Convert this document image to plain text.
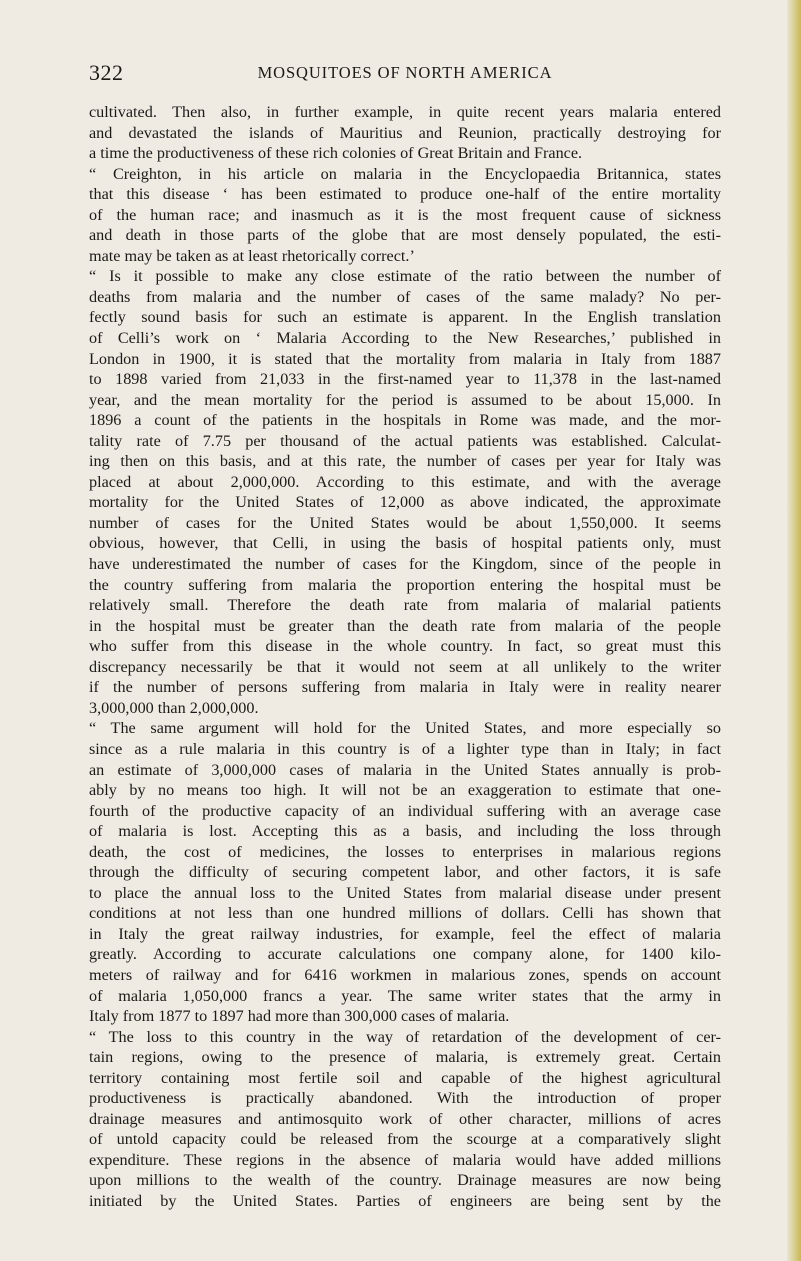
322	MOSQUITOES OF NORTH AMERICA
cultivated. Then also, in further example, in quite recent years malaria entered
and devastated the islands of Mauritius and Reunion, practically destroying for
a time the productiveness of these rich colonies of Great Britain and France.
“ Creighton, in his article on malaria in the Encyclopaedia Britannica, states
that this disease ‘ has been estimated to produce one-half of the entire mortality
of the human race; and inasmuch as it is the most frequent cause of sickness
and death in those parts of the globe that are most densely populated, the esti-
mate may be taken as at least rhetorically correct.’
“ Is it possible to make any close estimate of the ratio between the number of
deaths from malaria and the number of cases of the same malady? No per-
fectly sound basis for such an estimate is apparent. In the English translation
of Celli’s work on ‘ Malaria According to the New Researches,’ published in
London in 1900, it is stated that the mortality from malaria in Italy from 1887
to 1898 varied from 21,033 in the first-named year to 11,378 in the last-named
year, and the mean mortality for the period is assumed to be about 15,000. In
1896 a count of the patients in the hospitals in Rome was made, and the mor-
tality rate of 7.75 per thousand of the actual patients was established. Calculat-
ing then on this basis, and at this rate, the number of cases per year for Italy was
placed at about 2,000,000. According to this estimate, and with the average
mortality for the United States of 12,000 as above indicated, the approximate
number of cases for the United States would be about 1,550,000. It seems
obvious, however, that Celli, in using the basis of hospital patients only, must
have underestimated the number of cases for the Kingdom, since of the people in
the country suffering from malaria the proportion entering the hospital must be
relatively small. Therefore the death rate from malaria of malarial patients
in the hospital must be greater than the death rate from malaria of the people
who suffer from this disease in the whole country. In fact, so great must this
discrepancy necessarily be that it would not seem at all unlikely to the writer
if the number of persons suffering from malaria in Italy were in reality nearer
3,000,000 than 2,000,000.
“ The same argument will hold for the United States, and more especially so
since as a rule malaria in this country is of a lighter type than in Italy; in fact
an estimate of 3,000,000 cases of malaria in the United States annually is prob-
ably by no means too high. It will not be an exaggeration to estimate that one-
fourth of the productive capacity of an individual suffering with an average case
of malaria is lost. Accepting this as a basis, and including the loss through
death, the cost of medicines, the losses to enterprises in malarious regions
through the difficulty of securing competent labor, and other factors, it is safe
to place the annual loss to the United States from malarial disease under present
conditions at not less than one hundred millions of dollars. Celli has shown that
in Italy the great railway industries, for example, feel the effect of malaria
greatly. According to accurate calculations one company alone, for 1400 kilo-
meters of railway and for 6416 workmen in malarious zones, spends on account
of malaria 1,050,000 francs a year. The same writer states that the army in
Italy from 1877 to 1897 had more than 300,000 cases of malaria.
“ The loss to this country in the way of retardation of the development of cer-
tain regions, owing to the presence of malaria, is extremely great. Certain
territory containing most fertile soil and capable of the highest agricultural
productiveness is practically abandoned. With the introduction of proper
drainage measures and antimosquito work of other character, millions of acres
of untold capacity could be released from the scourge at a comparatively slight
expenditure. These regions in the absence of malaria would have added millions
upon millions to the wealth of the country. Drainage measures are now being
initiated by the United States. Parties of engineers are being sent by the
